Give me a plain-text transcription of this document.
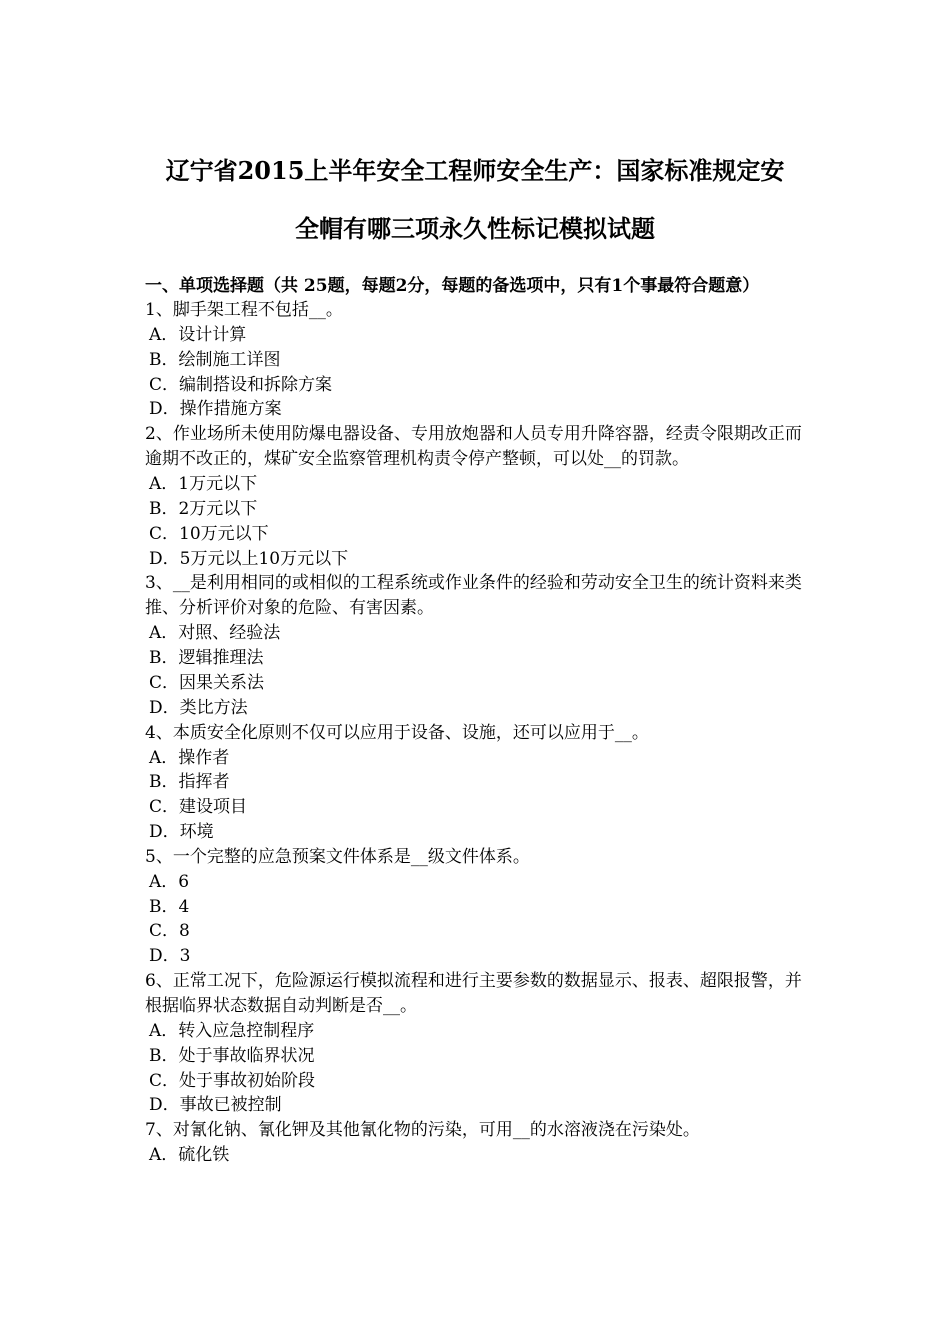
辽宁省2015上半年安全工程师安全生产：国家标准规定安
全帽有哪三项永久性标记模拟试题

一、单项选择题（共 25题，每题2分，每题的备选项中，只有1个事最符合题意）

1、脚手架工程不包括__。

A．设计计算

B．绘制施工详图

C．编制搭设和拆除方案

D．操作措施方案

2、作业场所未使用防爆电器设备、专用放炮器和人员专用升降容器，经责令限期改正而逾期不改正的，煤矿安全监察管理机构责令停产整顿，可以处__的罚款。

A．1万元以下

B．2万元以下

C．10万元以下

D．5万元以上10万元以下

3、__是利用相同的或相似的工程系统或作业条件的经验和劳动安全卫生的统计资料来类推、分析评价对象的危险、有害因素。

A．对照、经验法

B．逻辑推理法

C．因果关系法

D．类比方法

4、本质安全化原则不仅可以应用于设备、设施，还可以应用于__。

A．操作者

B．指挥者

C．建设项目

D．环境

5、一个完整的应急预案文件体系是__级文件体系。

A．6

B．4

C．8

D．3

6、正常工况下，危险源运行模拟流程和进行主要参数的数据显示、报表、超限报警，并根据临界状态数据自动判断是否__。

A．转入应急控制程序

B．处于事故临界状况

C．处于事故初始阶段

D．事故已被控制

7、对氰化钠、氰化钾及其他氰化物的污染，可用__的水溶液浇在污染处。

A．硫化铁
